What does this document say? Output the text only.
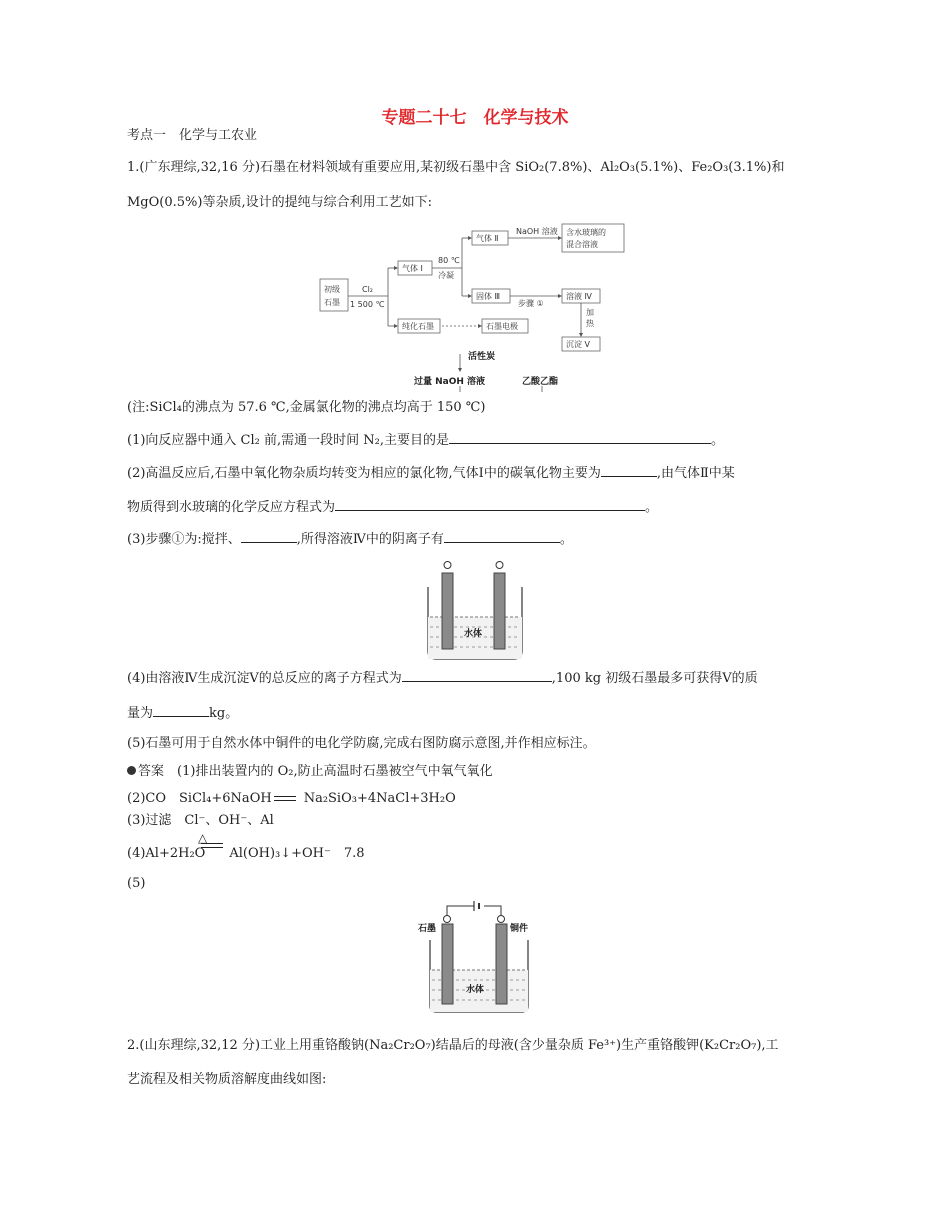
专题二十七　化学与技术
考点一　化学与工农业
1.(广东理综,32,16 分)石墨在材料领域有重要应用,某初级石墨中含 SiO₂(7.8%)、Al₂O₃(5.1%)、Fe₂O₃(3.1%)和
MgO(0.5%)等杂质,设计的提纯与综合利用工艺如下:
初级
石墨
Cl₂
1 500 ℃
气体 Ⅰ
80 ℃
冷凝
气体 Ⅱ
NaOH 溶液 含水玻璃的
混合溶液
固体 Ⅲ
步骤 ①
溶液 Ⅳ
加
热
沉淀 Ⅴ
纯化石墨	石墨电极
活性炭
过量 NaOH 溶液	乙酸乙酯
(注:SiCl₄的沸点为 57.6 ℃,金属氯化物的沸点均高于 150 ℃)
(1)向反应器中通入 Cl₂ 前,需通一段时间 N₂,主要目的是	。
(2)高温反应后,石墨中氧化物杂质均转变为相应的氯化物,气体Ⅰ中的碳氧化物主要为	,由气体Ⅱ中某
物质得到水玻璃的化学反应方程式为	。
(3)步骤①为:搅拌、	,所得溶液Ⅳ中的阴离子有	。
水体
(4)由溶液Ⅳ生成沉淀Ⅴ的总反应的离子方程式为	,100 kg 初级石墨最多可获得Ⅴ的质
量为	kg。
(5)石墨可用于自然水体中铜件的电化学防腐,完成右图防腐示意图,并作相应标注。
答案　 (1)排出装置内的 O₂,防止高温时石墨被空气中氧气氧化
(2)CO　SiCl₄+6NaOH Na₂SiO₃+4NaCl+3H₂O
(3)过滤　Cl⁻、OH⁻、Al
△
(4)Al+2H₂O Al(OH)₃↓+OH⁻　7.8
(5)
石墨	铜件
水体
2.(山东理综,32,12 分)工业上用重铬酸钠(Na₂Cr₂O₇)结晶后的母液(含少量杂质 Fe³⁺)生产重铬酸钾(K₂Cr₂O₇),工
艺流程及相关物质溶解度曲线如图:
